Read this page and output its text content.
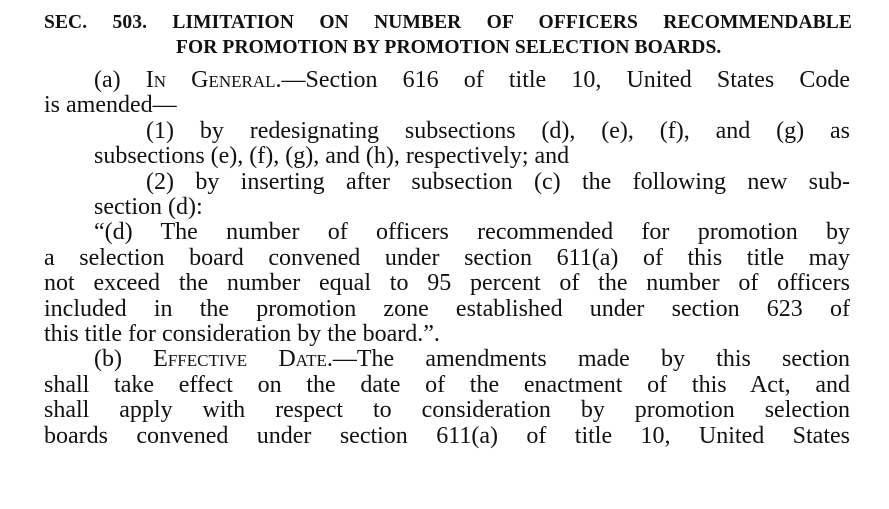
SEC. 503. LIMITATION ON NUMBER OF OFFICERS RECOMMENDABLE
FOR PROMOTION BY PROMOTION SELECTION BOARDS.
(a) In General.—Section 616 of title 10, United States Code
is amended—
(1) by redesignating subsections (d), (e), (f), and (g) as
subsections (e), (f), (g), and (h), respectively; and
(2) by inserting after subsection (c) the following new sub-
section (d):
“(d) The number of officers recommended for promotion by
a selection board convened under section 611(a) of this title may
not exceed the number equal to 95 percent of the number of officers
included in the promotion zone established under section 623 of
this title for consideration by the board.”.
(b) Effective Date.—The amendments made by this section
shall take effect on the date of the enactment of this Act, and
shall apply with respect to consideration by promotion selection
boards convened under section 611(a) of title 10, United States
